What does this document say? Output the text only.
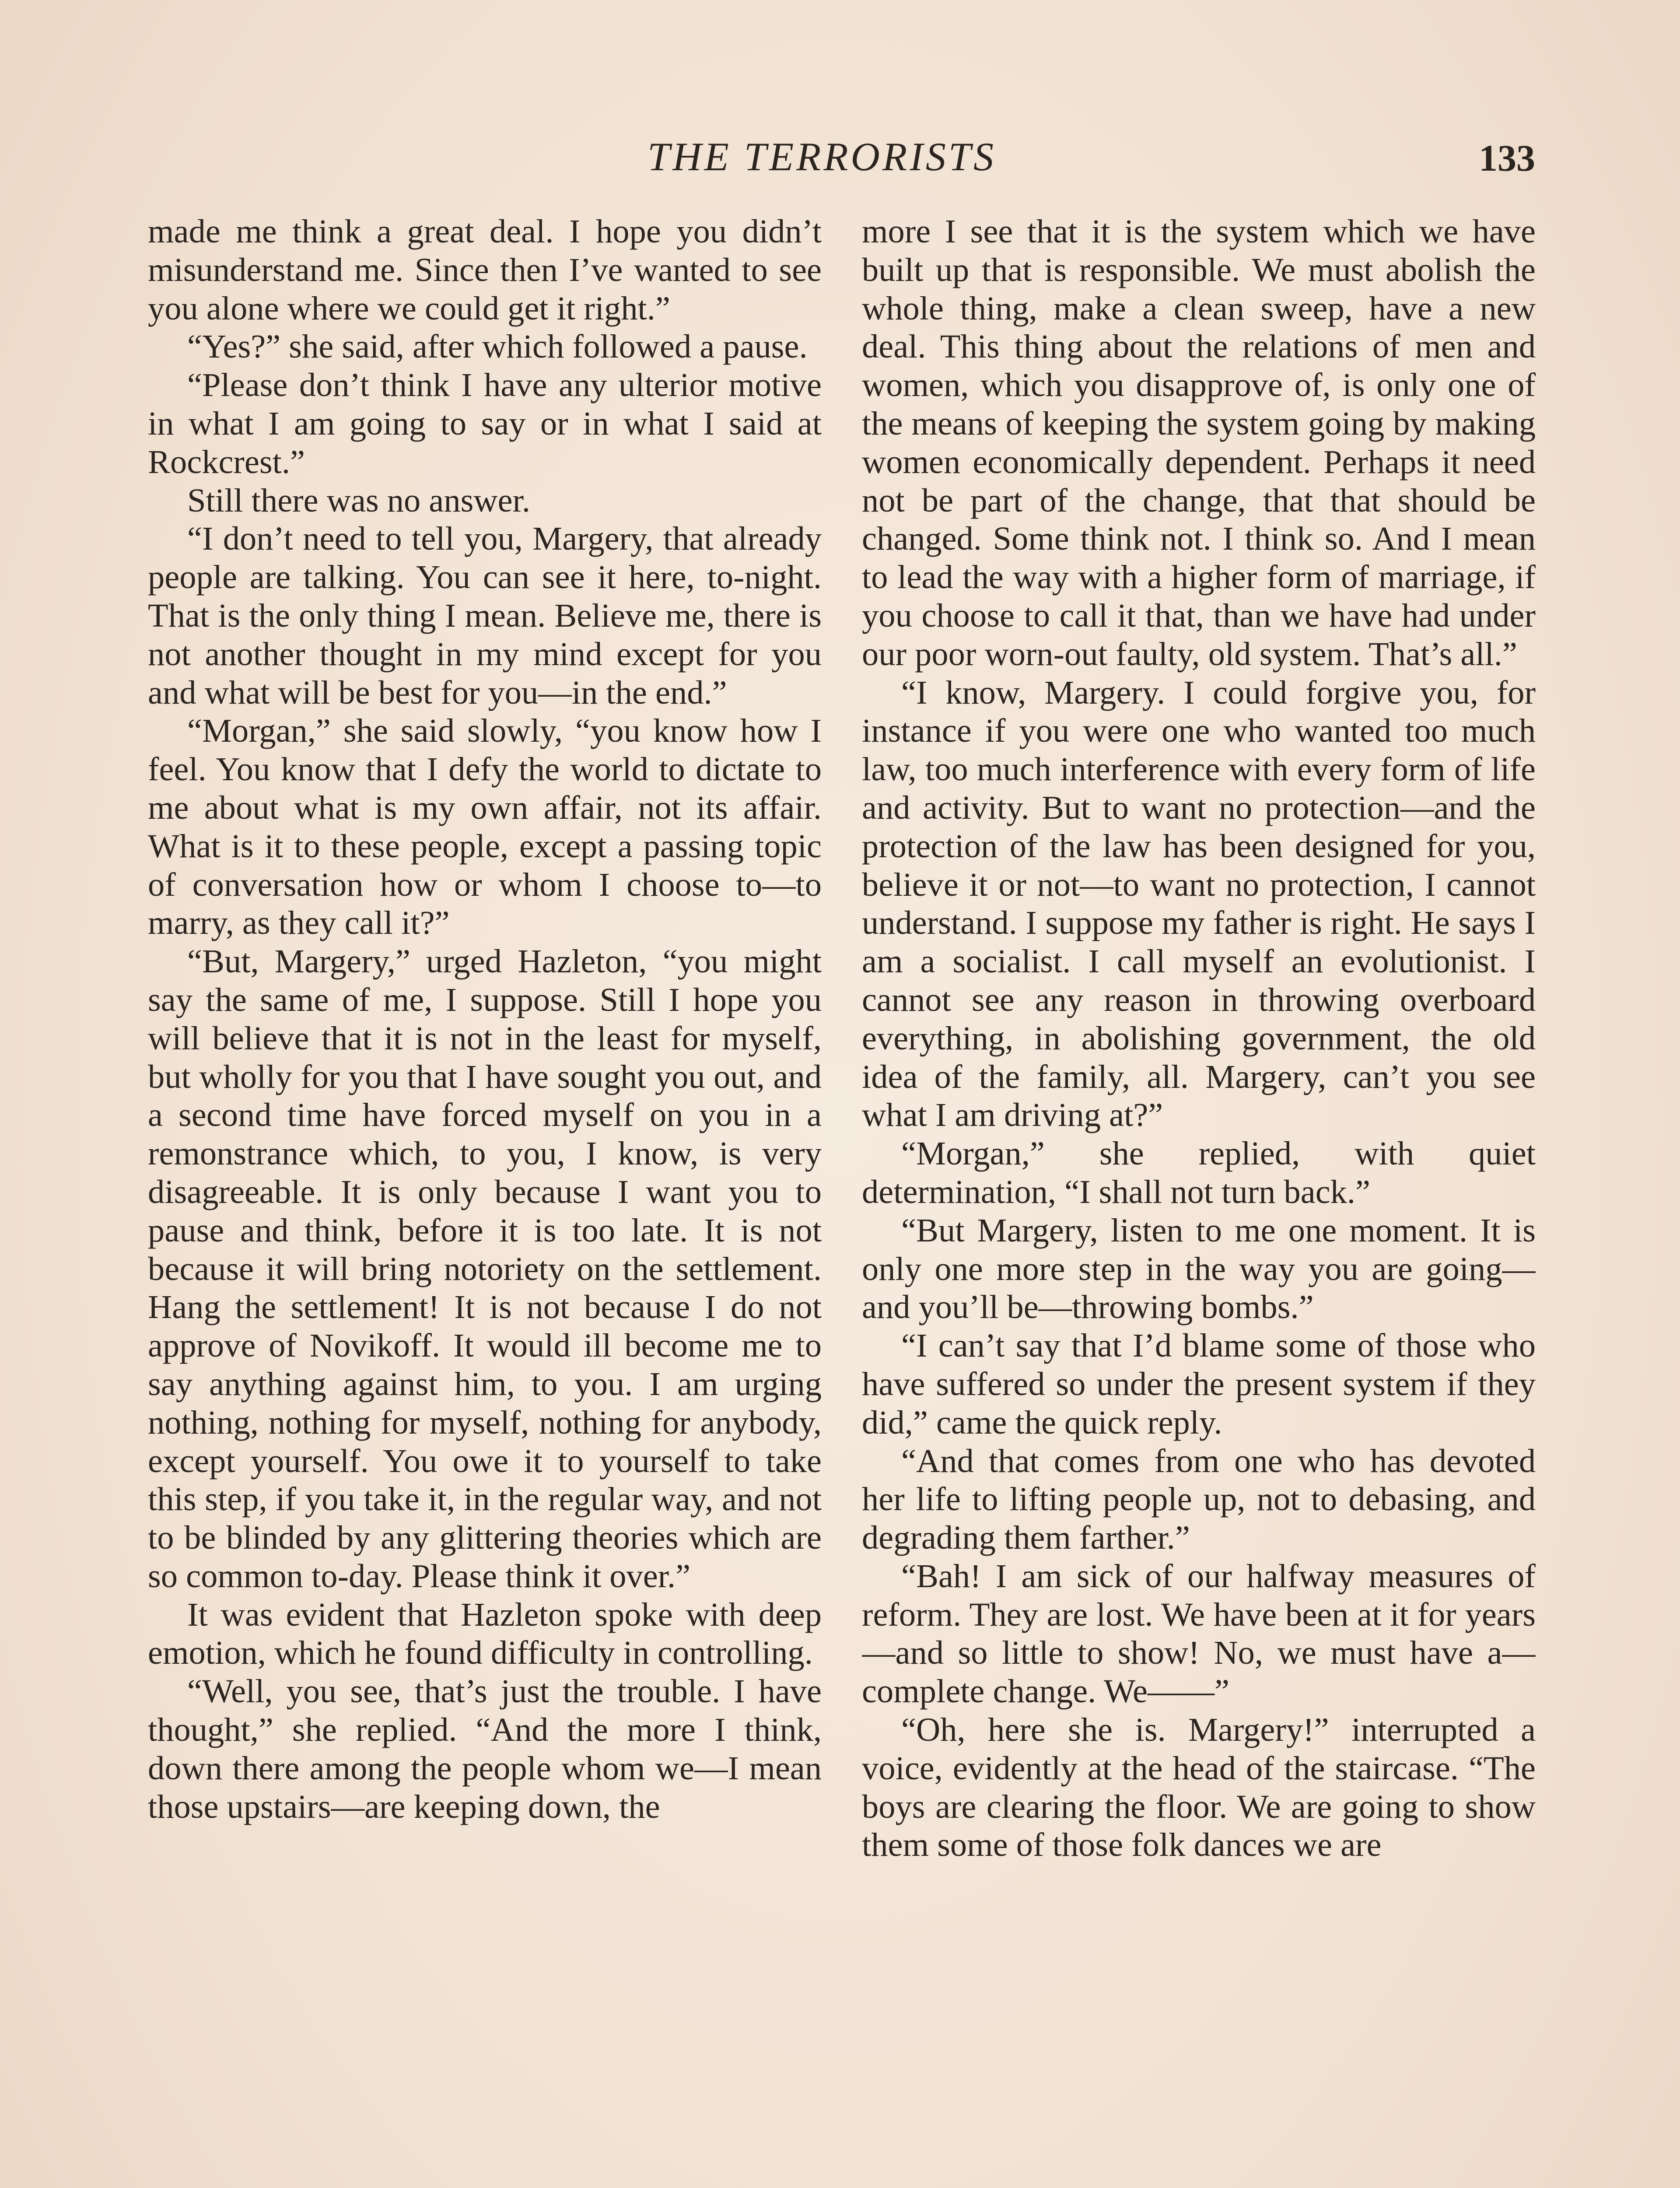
THE TERRORISTS	133

made me think a great deal. I hope you didn’t misunderstand me. Since then I’ve wanted to see you alone where we could get it right.”

“Yes?” she said, after which followed a pause.

“Please don’t think I have any ulterior motive in what I am going to say or in what I said at Rockcrest.”

Still there was no answer.

“I don’t need to tell you, Margery, that already people are talking. You can see it here, to-night. That is the only thing I mean. Believe me, there is not another thought in my mind except for you and what will be best for you—in the end.”

“Morgan,” she said slowly, “you know how I feel. You know that I defy the world to dictate to me about what is my own affair, not its affair. What is it to these people, except a passing topic of conversation how or whom I choose to—to marry, as they call it?”

“But, Margery,” urged Hazleton, “you might say the same of me, I suppose. Still I hope you will believe that it is not in the least for myself, but wholly for you that I have sought you out, and a second time have forced myself on you in a remonstrance which, to you, I know, is very disagreeable. It is only because I want you to pause and think, before it is too late. It is not because it will bring notoriety on the settlement. Hang the settlement! It is not because I do not approve of Novikoff. It would ill become me to say anything against him, to you. I am urging nothing, nothing for myself, nothing for anybody, except yourself. You owe it to yourself to take this step, if you take it, in the regular way, and not to be blinded by any glittering theories which are so common to-day. Please think it over.”

It was evident that Hazleton spoke with deep emotion, which he found difficulty in controlling.

“Well, you see, that’s just the trouble. I have thought,” she replied. “And the more I think, down there among the people whom we—I mean those upstairs—are keeping down, the

more I see that it is the system which we have built up that is responsible. We must abolish the whole thing, make a clean sweep, have a new deal. This thing about the relations of men and women, which you disapprove of, is only one of the means of keeping the system going by making women economically dependent. Perhaps it need not be part of the change, that that should be changed. Some think not. I think so. And I mean to lead the way with a higher form of marriage, if you choose to call it that, than we have had under our poor worn-out faulty, old system. That’s all.”

“I know, Margery. I could forgive you, for instance if you were one who wanted too much law, too much interference with every form of life and activity. But to want no protection—and the protection of the law has been designed for you, believe it or not—to want no protection, I cannot understand. I suppose my father is right. He says I am a socialist. I call myself an evolutionist. I cannot see any reason in throwing overboard everything, in abolishing government, the old idea of the family, all. Margery, can’t you see what I am driving at?”

“Morgan,” she replied, with quiet determination, “I shall not turn back.”

“But Margery, listen to me one moment. It is only one more step in the way you are going—and you’ll be—throwing bombs.”

“I can’t say that I’d blame some of those who have suffered so under the present system if they did,” came the quick reply.

“And that comes from one who has devoted her life to lifting people up, not to debasing, and degrading them farther.”

“Bah! I am sick of our halfway measures of reform. They are lost. We have been at it for years—and so little to show! No, we must have a—complete change. We——”

“Oh, here she is. Margery!” interrupted a voice, evidently at the head of the staircase. “The boys are clearing the floor. We are going to show them some of those folk dances we are
